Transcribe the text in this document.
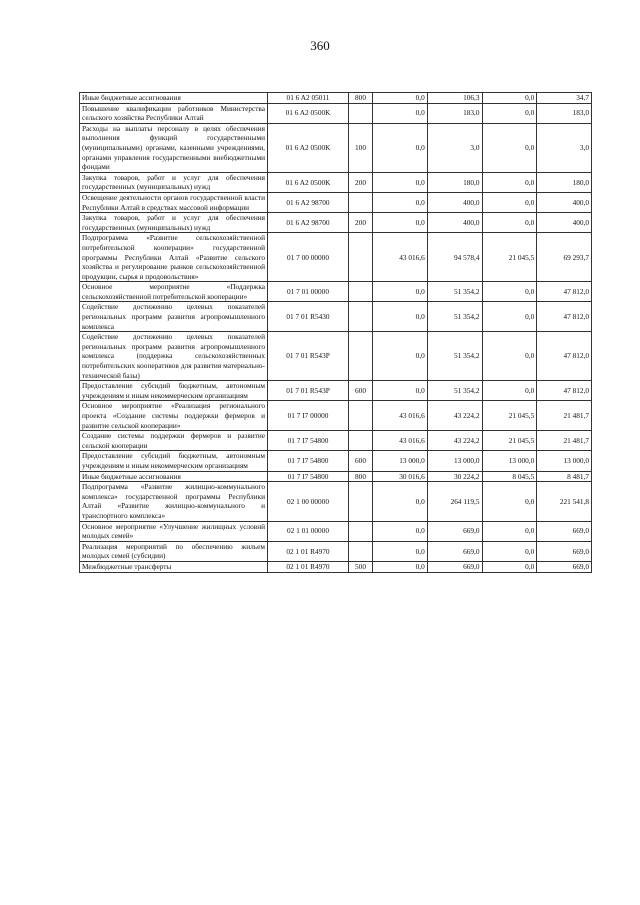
360
Иные бюджетные ассигнования	01 6 A2 05011	800	0,0	106,3	0,0	34,7
Повышение квалификации работников Министерства сельского хозяйства Республики Алтай	01 6 A2 0500K		0,0	183,0	0,0	183,0
Расходы на выплаты персоналу в целях обеспечения выполнения функций государственными (муниципальными) органами, казенными учреждениями, органами управления государственными внебюджетными фондами	01 6 A2 0500K	100	0,0	3,0	0,0	3,0
Закупка товаров, работ и услуг для обеспечения государственных (муниципальных) нужд	01 6 A2 0500K	200	0,0	180,0	0,0	180,0
Освещение деятельности органов государственной власти Республики Алтай в средствах массовой информации	01 6 A2 98700		0,0	400,0	0,0	400,0
Закупка товаров, работ и услуг для обеспечения государственных (муниципальных) нужд	01 6 A2 98700	200	0,0	400,0	0,0	400,0
Подпрограмма «Развитие сельскохозяйственной потребительской кооперации» государственной программы Республики Алтай «Развитие сельского хозяйства и регулирование рынков сельскохозяйственной продукции, сырья и продовольствия»	01 7 00 00000		43 016,6	94 578,4	21 045,5	69 293,7
Основное мероприятие «Поддержка сельскохозяйственной потребительской кооперации»	01 7 01 00000		0,0	51 354,2	0,0	47 812,0
Содействие достижению целевых показателей региональных программ развития агропромышленного комплекса	01 7 01 R5430		0,0	51 354,2	0,0	47 812,0
Содействие достижению целевых показателей региональных программ развития агропромышленного комплекса (поддержка сельскохозяйственных потребительских кооперативов для развития материально-технической базы)	01 7 01 R543P		0,0	51 354,2	0,0	47 812,0
Предоставление субсидий бюджетным, автономным учреждениям и иным некоммерческим организациям	01 7 01 R543P	600	0,0	51 354,2	0,0	47 812,0
Основное мероприятие «Реализация регионального проекта «Создание системы поддержки фермеров и развитие сельской кооперации»	01 7 I7 00000		43 016,6	43 224,2	21 045,5	21 481,7
Создание системы поддержки фермеров и развитие сельской кооперации	01 7 I7 54800		43 016,6	43 224,2	21 045,5	21 481,7
Предоставление субсидий бюджетным, автономным учреждениям и иным некоммерческим организациям	01 7 I7 54800	600	13 000,0	13 000,0	13 000,0	13 000,0
Иные бюджетные ассигнования	01 7 I7 54800	800	30 016,6	30 224,2	8 045,5	8 481,7
Подпрограмма «Развитие жилищно-коммунального комплекса» государственной программы Республики Алтай «Развитие жилищно-коммунального и транспортного комплекса»	02 1 00 00000		0,0	264 119,5	0,0	221 541,8
Основное мероприятие «Улучшение жилищных условий молодых семей»	02 1 01 00000		0,0	669,0	0,0	669,0
Реализация мероприятий по обеспечению жильем молодых семей (субсидии)	02 1 01 R4970		0,0	669,0	0,0	669,0
Межбюджетные трансферты	02 1 01 R4970	500	0,0	669,0	0,0	669,0
